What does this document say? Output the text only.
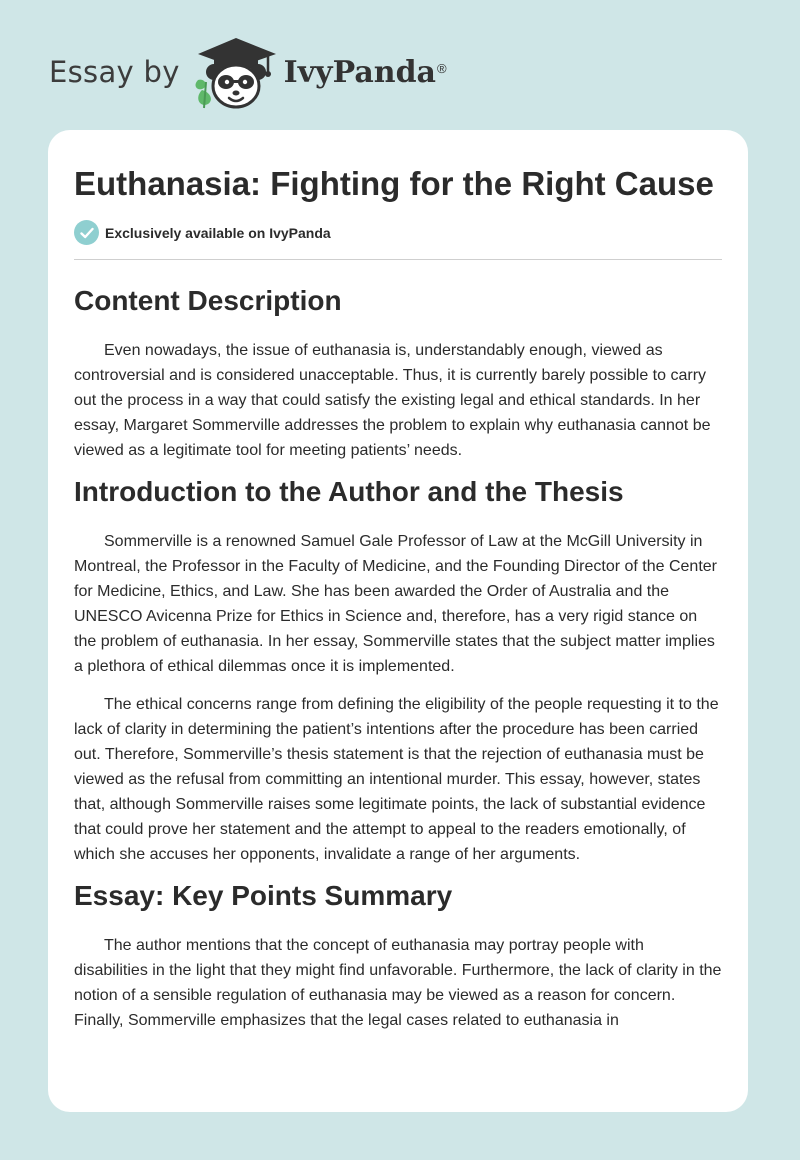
Essay by	IvyPanda ®
Euthanasia: Fighting for the Right Cause
Exclusively available on IvyPanda
Content Description

Even nowadays, the issue of euthanasia is, understandably enough, viewed as controversial and is considered unacceptable. Thus, it is currently barely possible to carry out the process in a way that could satisfy the existing legal and ethical standards. In her essay, Margaret Sommerville addresses the problem to explain why euthanasia cannot be viewed as a legitimate tool for meeting patients’ needs.

Introduction to the Author and the Thesis

Sommerville is a renowned Samuel Gale Professor of Law at the McGill University in Montreal, the Professor in the Faculty of Medicine, and the Founding Director of the Center for Medicine, Ethics, and Law. She has been awarded the Order of Australia and the UNESCO Avicenna Prize for Ethics in Science and, therefore, has a very rigid stance on the problem of euthanasia. In her essay, Sommerville states that the subject matter implies a plethora of ethical dilemmas once it is implemented.

The ethical concerns range from defining the eligibility of the people requesting it to the lack of clarity in determining the patient’s intentions after the procedure has been carried out. Therefore, Sommerville’s thesis statement is that the rejection of euthanasia must be viewed as the refusal from committing an intentional murder. This essay, however, states that, although Sommerville raises some legitimate points, the lack of substantial evidence that could prove her statement and the attempt to appeal to the readers emotionally, of which she accuses her opponents, invalidate a range of her arguments.

Essay: Key Points Summary

The author mentions that the concept of euthanasia may portray people with disabilities in the light that they might find unfavorable. Furthermore, the lack of clarity in the notion of a sensible regulation of euthanasia may be viewed as a reason for concern. Finally, Sommerville emphasizes that the legal cases related to euthanasia in
